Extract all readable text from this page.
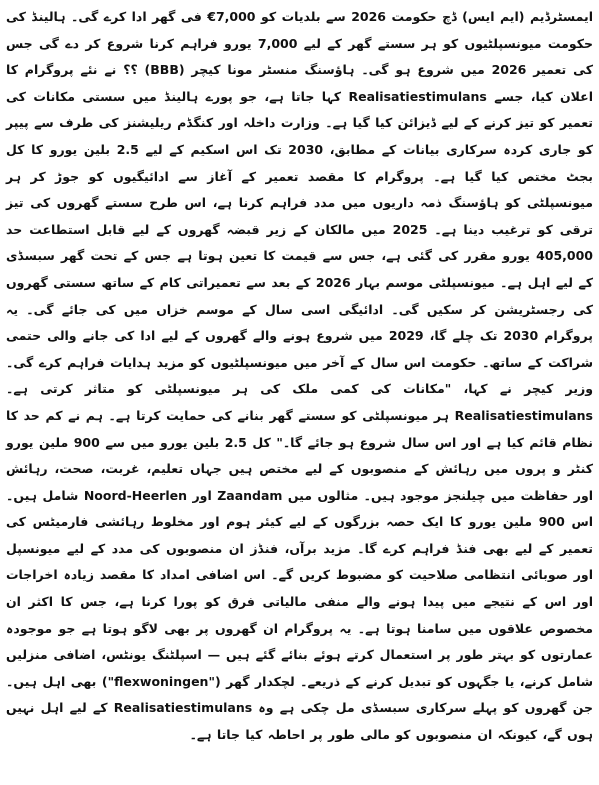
ایمسٹرڈیم (ایم ایس) ڈچ حکومت 2026 سے بلدیات کو 7,000€ فی گھر ادا کرے گی۔ ہالینڈ کی حکومت میونسپلٹیوں کو ہر سستے گھر کے لیے 7,000 یورو فراہم کرنا شروع کر دے گی جس کی تعمیر 2026 میں شروع ہو گی۔ ہاؤسنگ منسٹر مونا کیچر (BBB) ؟؟ نے نئے پروگرام کا اعلان کیا، جسے Realisatiestimulans کہا جاتا ہے، جو پورے ہالینڈ میں سستی مکانات کی تعمیر کو تیز کرنے کے لیے ڈیزائن کیا گیا ہے۔ وزارت داخلہ اور کنگڈم ریلیشنز کی طرف سے پیپر کو جاری کردہ سرکاری بیانات کے مطابق، 2030 تک اس اسکیم کے لیے 2.5 بلین یورو کا کل بجٹ مختص کیا گیا ہے۔ پروگرام کا مقصد تعمیر کے آغاز سے ادائیگیوں کو جوڑ کر ہر میونسپلٹی کو ہاؤسنگ ذمہ داریوں میں مدد فراہم کرنا ہے، اس طرح سستے گھروں کی تیز ترقی کو ترغیب دینا ہے۔ 2025 میں مالکان کے زیر قبضہ گھروں کے لیے قابل استطاعت حد 405,000 یورو مقرر کی گئی ہے، جس سے قیمت کا تعین ہوتا ہے جس کے تحت گھر سبسڈی کے لیے اہل ہے۔ میونسپلٹی موسم بہار 2026 کے بعد سے تعمیراتی کام کے ساتھ سستی گھروں کی رجسٹریشن کر سکیں گی۔ ادائیگی اسی سال کے موسم خزاں میں کی جائے گی۔ یہ پروگرام 2030 تک چلے گا، 2029 میں شروع ہونے والے گھروں کے لیے ادا کی جانے والی حتمی شراکت کے ساتھ۔ حکومت اس سال کے آخر میں میونسپلٹیوں کو مزید ہدایات فراہم کرے گی۔ وزیر کیچر نے کہا، "مکانات کی کمی ملک کی ہر میونسپلٹی کو متاثر کرتی ہے۔ Realisatiestimulans ہر میونسپلٹی کو سستے گھر بنانے کی حمایت کرتا ہے۔ ہم نے کم حد کا نظام قائم کیا ہے اور اس سال شروع ہو جائے گا۔" کل 2.5 بلین یورو میں سے 900 ملین یورو کنٹر و پروں میں رہائش کے منصوبوں کے لیے مختص ہیں جہاں تعلیم، غربت، صحت، رہائش اور حفاظت میں چیلنجز موجود ہیں۔ مثالوں میں Zaandam اور Noord-Heerlen شامل ہیں۔ اس 900 ملین یورو کا ایک حصہ بزرگوں کے لیے کیئر ہوم اور مخلوط رہائشی فارمیٹس کی تعمیر کے لیے بھی فنڈ فراہم کرے گا۔ مزید برآں، فنڈز ان منصوبوں کی مدد کے لیے میونسپل اور صوبائی انتظامی صلاحیت کو مضبوط کریں گے۔ اس اضافی امداد کا مقصد زیادہ اخراجات اور اس کے نتیجے میں پیدا ہونے والے منفی مالیاتی فرق کو پورا کرنا ہے، جس کا اکثر ان مخصوص علاقوں میں سامنا ہوتا ہے۔ یہ پروگرام ان گھروں پر بھی لاگو ہوتا ہے جو موجودہ عمارتوں کو بہتر طور پر استعمال کرتے ہوئے بنائے گئے ہیں — اسپلٹنگ یونٹس، اضافی منزلیں شامل کرنے، یا جگہوں کو تبدیل کرنے کے ذریعے۔ لچکدار گھر ("flexwoningen") بھی اہل ہیں۔ جن گھروں کو پہلے سرکاری سبسڈی مل چکی ہے وہ Realisatiestimulans کے لیے اہل نہیں ہوں گے، کیونکہ ان منصوبوں کو مالی طور پر احاطہ کیا جاتا ہے۔
